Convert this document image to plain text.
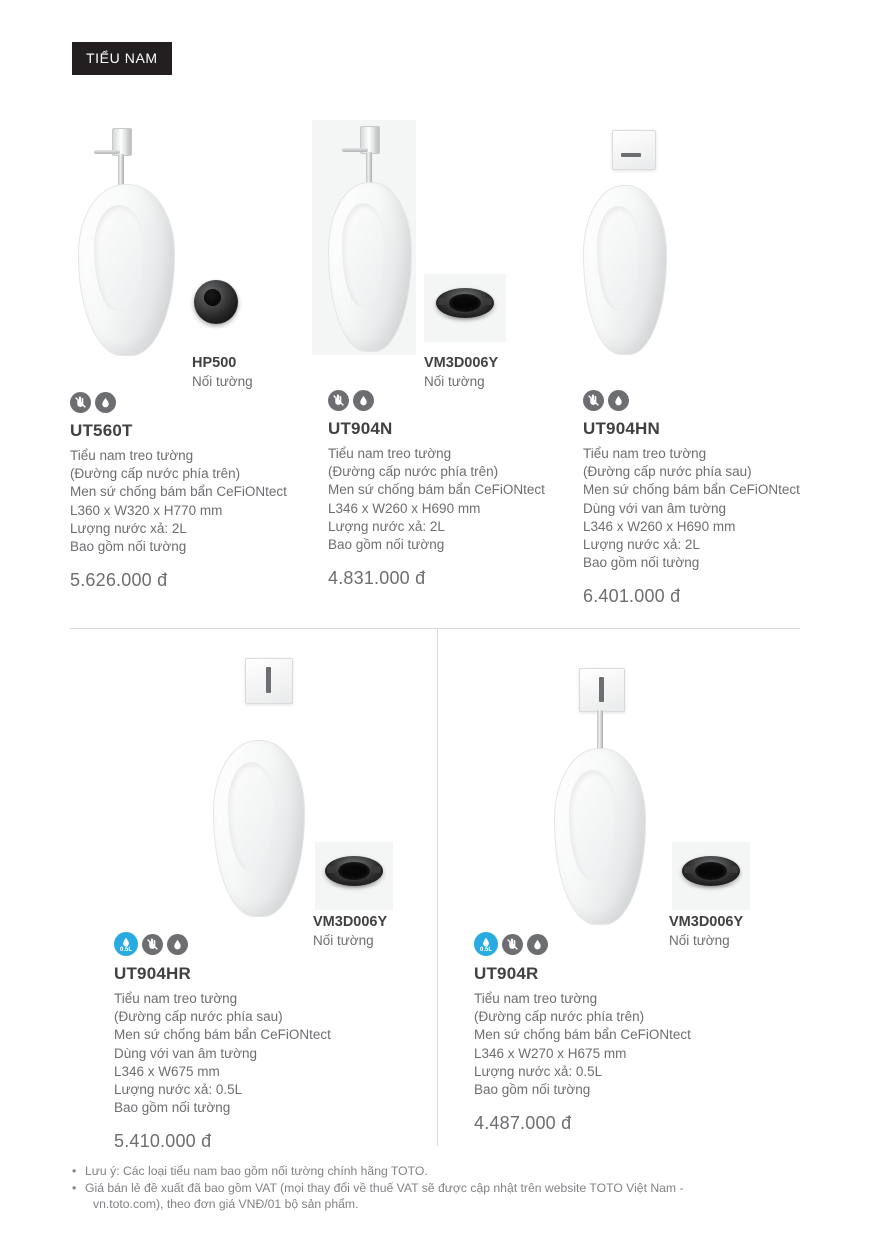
TIỂU NAM
HP500
Nối tường
UT560T
Tiểu nam treo tường
(Đường cấp nước phía trên)
Men sứ chống bám bẩn CeFiONtect
L360 x W320 x H770 mm
Lượng nước xả: 2L
Bao gồm nối tường
5.626.000 đ
VM3D006Y
Nối tường
UT904N
Tiểu nam treo tường
(Đường cấp nước phía trên)
Men sứ chống bám bẩn CeFiONtect
L346 x W260 x H690 mm
Lượng nước xả: 2L
Bao gồm nối tường
4.831.000 đ
UT904HN
Tiểu nam treo tường
(Đường cấp nước phía sau)
Men sứ chống bám bẩn CeFiONtect
Dùng với van âm tường
L346 x W260 x H690 mm
Lượng nước xả: 2L
Bao gồm nối tường
6.401.000 đ
VM3D006Y
Nối tường
0.5L
UT904HR
Tiểu nam treo tường
(Đường cấp nước phía sau)
Men sứ chống bám bẩn CeFiONtect
Dùng với van âm tường
L346 x W675 mm
Lượng nước xả: 0.5L
Bao gồm nối tường
5.410.000 đ
VM3D006Y
Nối tường
0.5L
UT904R
Tiểu nam treo tường
(Đường cấp nước phía trên)
Men sứ chống bám bẩn CeFiONtect
L346 x W270 x H675 mm
Lượng nước xả: 0.5L
Bao gồm nối tường
4.487.000 đ
• Lưu ý: Các loại tiểu nam bao gồm nối tường chính hãng TOTO.
• Giá bán lẻ đề xuất đã bao gồm VAT (mọi thay đổi về thuế VAT sẽ được cập nhật trên website TOTO Việt Nam -
vn.toto.com), theo đơn giá VNĐ/01 bộ sản phẩm.
